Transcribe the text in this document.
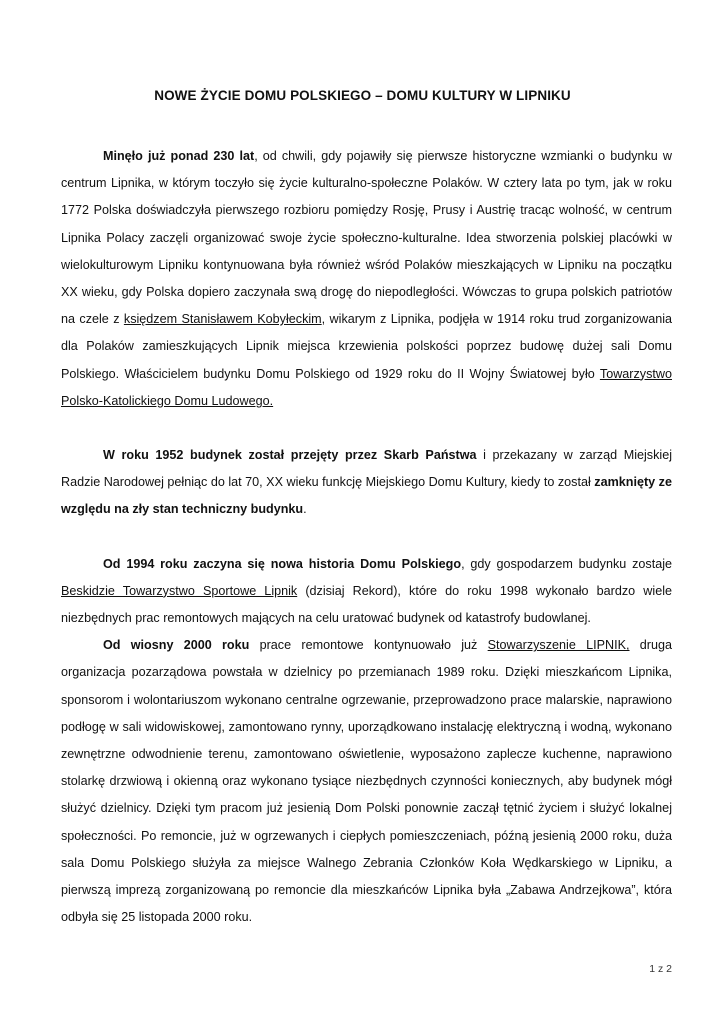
NOWE ŻYCIE DOMU POLSKIEGO – DOMU KULTURY W LIPNIKU

Minęło już ponad 230 lat, od chwili, gdy pojawiły się pierwsze historyczne wzmianki o budynku w centrum Lipnika, w którym toczyło się życie kulturalno-społeczne Polaków. W cztery lata po tym, jak w roku 1772 Polska doświadczyła pierwszego rozbioru pomiędzy Rosję, Prusy i Austrię tracąc wolność, w centrum Lipnika Polacy zaczęli organizować swoje życie społeczno-kulturalne. Idea stworzenia polskiej placówki w wielokulturowym Lipniku kontynuowana była również wśród Polaków mieszkających w Lipniku na początku XX wieku, gdy Polska dopiero zaczynała swą drogę do niepodległości. Wówczas to grupa polskich patriotów na czele z księdzem Stanisławem Kobyłeckim, wikarym z Lipnika, podjęła w 1914 roku trud zorganizowania dla Polaków zamieszkujących Lipnik miejsca krzewienia polskości poprzez budowę dużej sali Domu Polskiego. Właścicielem budynku Domu Polskiego od 1929 roku do II Wojny Światowej było Towarzystwo Polsko-Katolickiego Domu Ludowego.

W roku 1952 budynek został przejęty przez Skarb Państwa i przekazany w zarząd Miejskiej Radzie Narodowej pełniąc do lat 70, XX wieku funkcję Miejskiego Domu Kultury, kiedy to został zamknięty ze względu na zły stan techniczny budynku.

Od 1994 roku zaczyna się nowa historia Domu Polskiego, gdy gospodarzem budynku zostaje Beskidzie Towarzystwo Sportowe Lipnik (dzisiaj Rekord), które do roku 1998 wykonało bardzo wiele niezbędnych prac remontowych mających na celu uratować budynek od katastrofy budowlanej.

Od wiosny 2000 roku prace remontowe kontynuowało już Stowarzyszenie LIPNIK, druga organizacja pozarządowa powstała w dzielnicy po przemianach 1989 roku. Dzięki mieszkańcom Lipnika, sponsorom i wolontariuszom wykonano centralne ogrzewanie, przeprowadzono prace malarskie, naprawiono podłogę w sali widowiskowej, zamontowano rynny, uporządkowano instalację elektryczną i wodną, wykonano zewnętrzne odwodnienie terenu, zamontowano oświetlenie, wyposażono zaplecze kuchenne, naprawiono stolarkę drzwiową i okienną oraz wykonano tysiące niezbędnych czynności koniecznych, aby budynek mógł służyć dzielnicy. Dzięki tym pracom już jesienią Dom Polski ponownie zaczął tętnić życiem i służyć lokalnej społeczności. Po remoncie, już w ogrzewanych i ciepłych pomieszczeniach, późną jesienią 2000 roku, duża sala Domu Polskiego służyła za miejsce Walnego Zebrania Członków Koła Wędkarskiego w Lipniku, a pierwszą imprezą zorganizowaną po remoncie dla mieszkańców Lipnika była „Zabawa Andrzejkowa”, która odbyła się 25 listopada 2000 roku.

1 z 2
